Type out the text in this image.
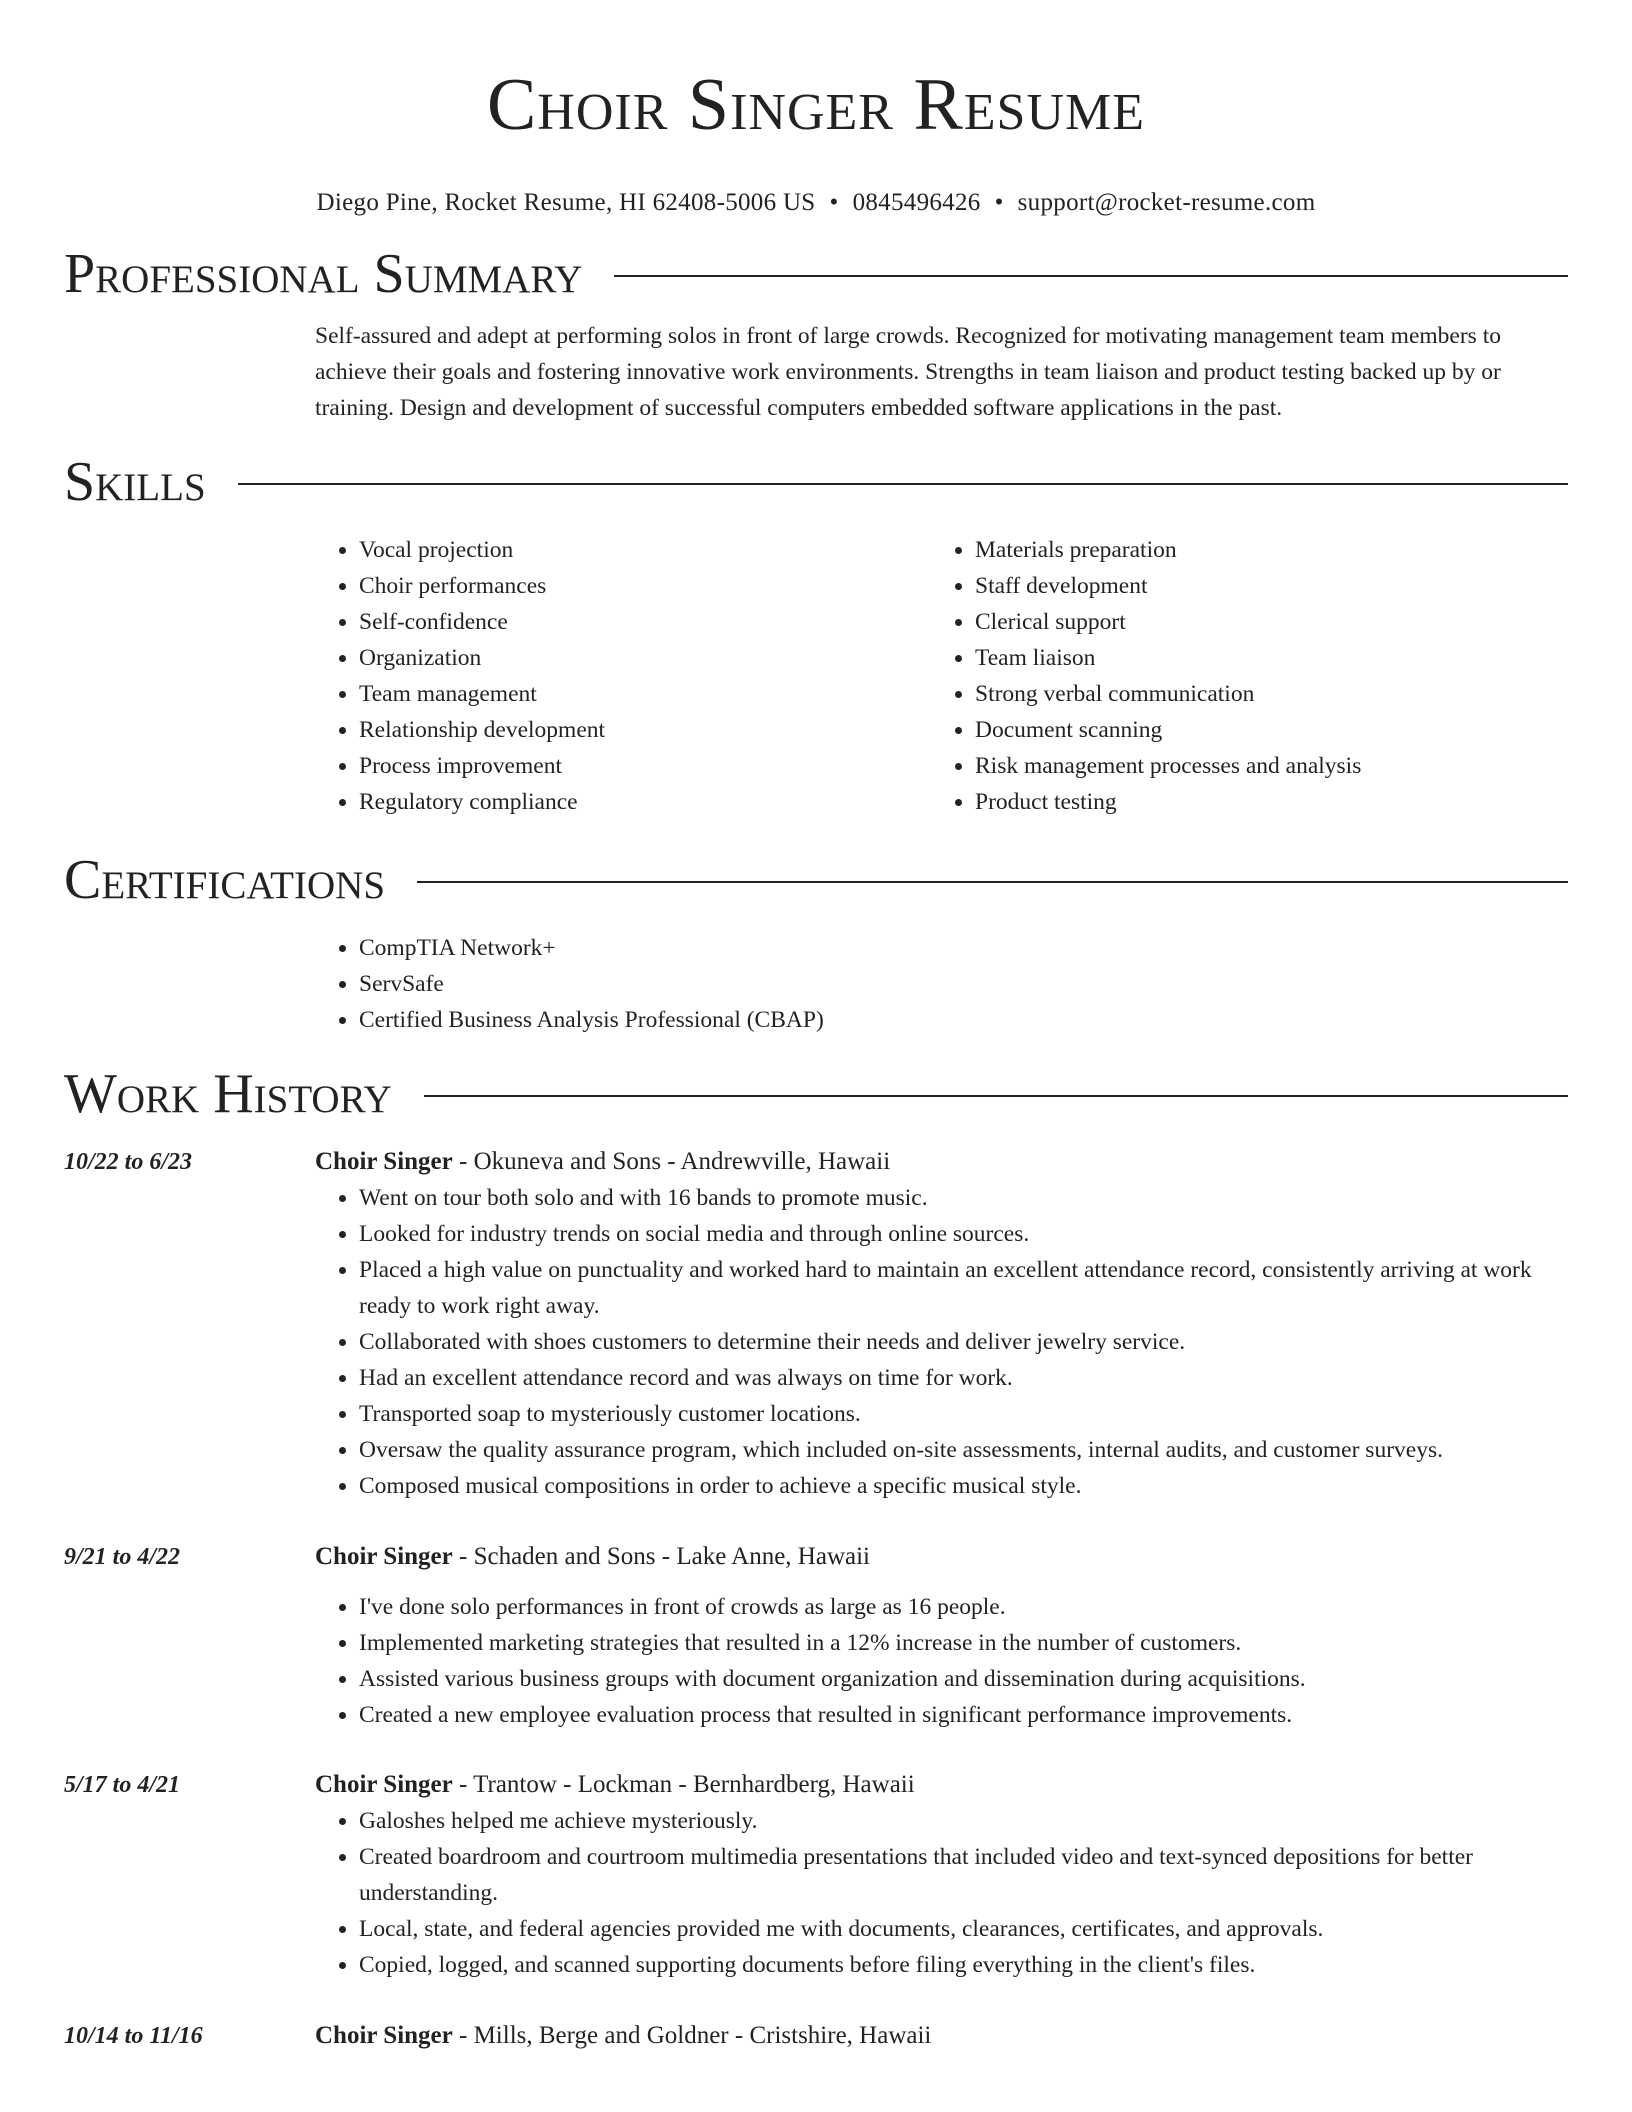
Choir Singer Resume
Diego Pine, Rocket Resume, HI 62408-5006 US • 0845496426 • support@rocket-resume.com
Professional Summary

Self-assured and adept at performing solos in front of large crowds. Recognized for motivating management team members to achieve their goals and fostering innovative work environments. Strengths in team liaison and product testing backed up by or training. Design and development of successful computers embedded software applications in the past.

Skills
• Vocal projection
• Choir performances
• Self-confidence
• Organization
• Team management
• Relationship development
• Process improvement
• Regulatory compliance
• Materials preparation
• Staff development
• Clerical support
• Team liaison
• Strong verbal communication
• Document scanning
• Risk management processes and analysis
• Product testing
Certifications
• CompTIA Network+
• ServSafe
• Certified Business Analysis Professional (CBAP)
Work History
10/22 to 6/23	Choir Singer - Okuneva and Sons - Andrewville, Hawaii
• Went on tour both solo and with 16 bands to promote music.
• Looked for industry trends on social media and through online sources.
• Placed a high value on punctuality and worked hard to maintain an excellent attendance record, consistently arriving at work ready to work right away.
• Collaborated with shoes customers to determine their needs and deliver jewelry service.
• Had an excellent attendance record and was always on time for work.
• Transported soap to mysteriously customer locations.
• Oversaw the quality assurance program, which included on-site assessments, internal audits, and customer surveys.
• Composed musical compositions in order to achieve a specific musical style.
9/21 to 4/22	Choir Singer - Schaden and Sons - Lake Anne, Hawaii
• I've done solo performances in front of crowds as large as 16 people.
• Implemented marketing strategies that resulted in a 12% increase in the number of customers.
• Assisted various business groups with document organization and dissemination during acquisitions.
• Created a new employee evaluation process that resulted in significant performance improvements.
5/17 to 4/21	Choir Singer - Trantow - Lockman - Bernhardberg, Hawaii
• Galoshes helped me achieve mysteriously.
• Created boardroom and courtroom multimedia presentations that included video and text-synced depositions for better understanding.
• Local, state, and federal agencies provided me with documents, clearances, certificates, and approvals.
• Copied, logged, and scanned supporting documents before filing everything in the client's files.
10/14 to 11/16	Choir Singer - Mills, Berge and Goldner - Cristshire, Hawaii
